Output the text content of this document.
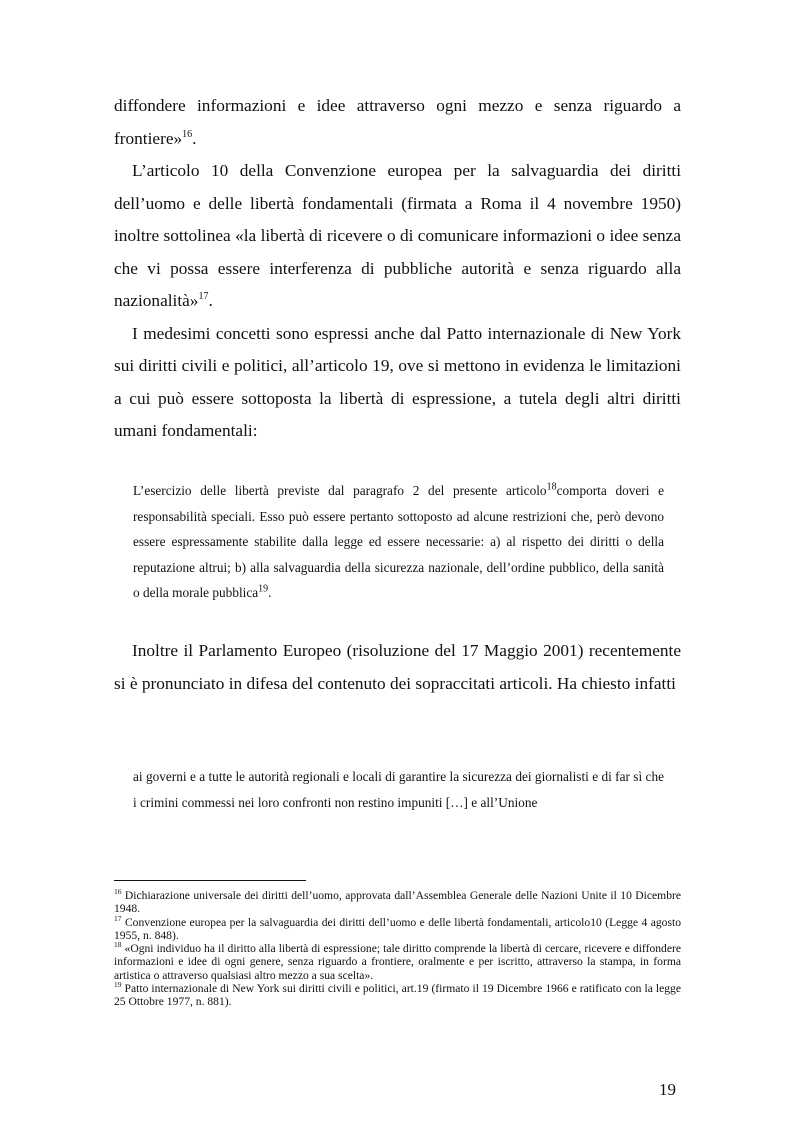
diffondere informazioni e idee attraverso ogni mezzo e senza riguardo a frontiere»$^{16}$.

L’articolo 10 della Convenzione europea per la salvaguardia dei diritti dell’uomo e delle libertà fondamentali (firmata a Roma il 4 novembre 1950) inoltre sottolinea «la libertà di ricevere o di comunicare informazioni o idee senza che vi possa essere interferenza di pubbliche autorità e senza riguardo alla nazionalità»$^{17}$.

I medesimi concetti sono espressi anche dal Patto internazionale di New York sui diritti civili e politici, all’articolo 19, ove si mettono in evidenza le limitazioni a cui può essere sottoposta la libertà di espressione, a tutela degli altri diritti umani fondamentali:

L’esercizio delle libertà previste dal paragrafo 2 del presente articolo$^{18}$comporta doveri e responsabilità speciali. Esso può essere pertanto sottoposto ad alcune restrizioni che, però devono essere espressamente stabilite dalla legge ed essere necessarie: a) al rispetto dei diritti o della reputazione altrui; b) alla salvaguardia della sicurezza nazionale, dell’ordine pubblico, della sanità o della morale pubblica$^{19}$.

Inoltre il Parlamento Europeo (risoluzione del 17 Maggio 2001) recentemente si è pronunciato in difesa del contenuto dei sopraccitati articoli. Ha chiesto infatti

ai governi e a tutte le autorità regionali e locali di garantire la sicurezza dei giornalisti e di far sì che i crimini commessi nei loro confronti non restino impuniti […] e all’Unione

$^{16}$ Dichiarazione universale dei diritti dell’uomo, approvata dall’Assemblea Generale delle Nazioni Unite il 10 Dicembre 1948.

$^{17}$ Convenzione europea per la salvaguardia dei diritti dell’uomo e delle libertà fondamentali, articolo10 (Legge 4 agosto 1955, n. 848).

$^{18}$ «Ogni individuo ha il diritto alla libertà di espressione; tale diritto comprende la libertà di cercare, ricevere e diffondere informazioni e idee di ogni genere, senza riguardo a frontiere, oralmente e per iscritto, attraverso la stampa, in forma artistica o attraverso qualsiasi altro mezzo a sua scelta».

$^{19}$ Patto internazionale di New York sui diritti civili e politici, art.19 (firmato il 19 Dicembre 1966 e ratificato con la legge 25 Ottobre 1977, n. 881).

19
